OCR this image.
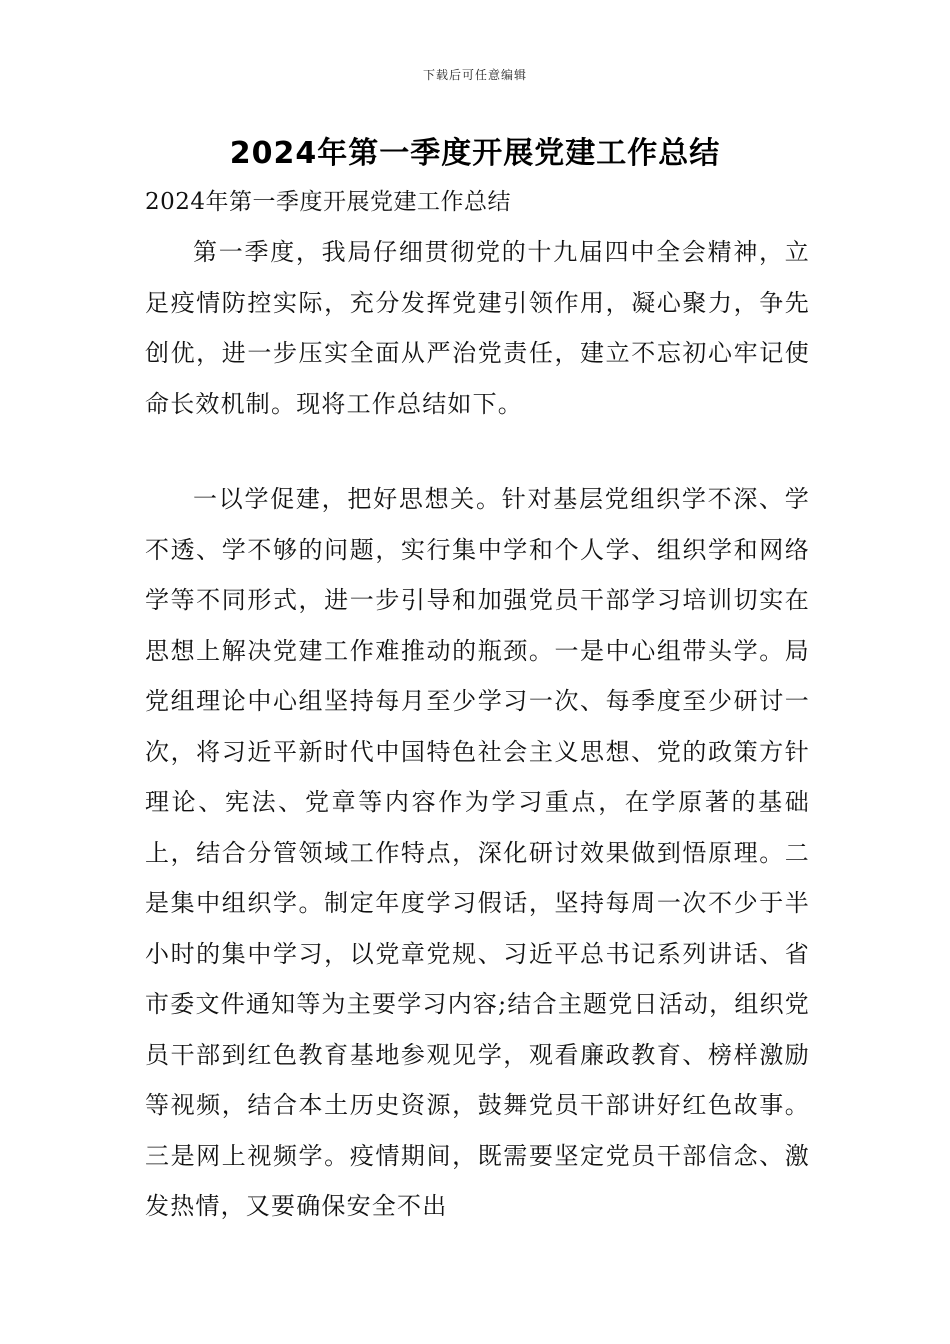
下载后可任意编辑
2024年第一季度开展党建工作总结
2024年第一季度开展党建工作总结

第一季度，我局仔细贯彻党的十九届四中全会精神，立足疫情防控实际，充分发挥党建引领作用，凝心聚力，争先创优，进一步压实全面从严治党责任，建立不忘初心牢记使命长效机制。现将工作总结如下。

一以学促建，把好思想关。针对基层党组织学不深、学不透、学不够的问题，实行集中学和个人学、组织学和网络学等不同形式，进一步引导和加强党员干部学习培训切实在思想上解决党建工作难推动的瓶颈。一是中心组带头学。局党组理论中心组坚持每月至少学习一次、每季度至少研讨一次，将习近平新时代中国特色社会主义思想、党的政策方针理论、宪法、党章等内容作为学习重点，在学原著的基础上，结合分管领域工作特点，深化研讨效果做到悟原理。二是集中组织学。制定年度学习假话，坚持每周一次不少于半小时的集中学习，以党章党规、习近平总书记系列讲话、省市委文件通知等为主要学习内容;结合主题党日活动，组织党员干部到红色教育基地参观见学，观看廉政教育、榜样激励等视频，结合本土历史资源，鼓舞党员干部讲好红色故事。三是网上视频学。疫情期间，既需要坚定党员干部信念、激发热情，又要确保安全不出
